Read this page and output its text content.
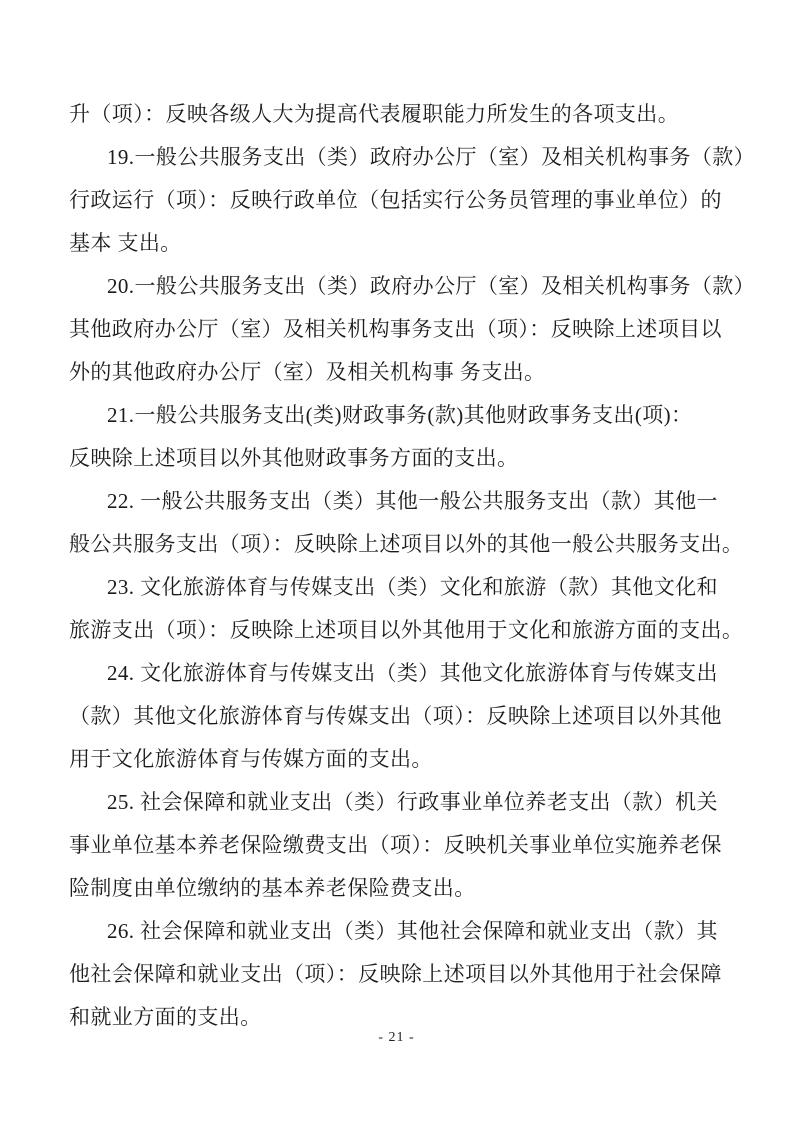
升（项）：反映各级人大为提高代表履职能力所发生的各项支出。

19.一般公共服务支出（类）政府办公厅（室）及相关机构事务（款）
行政运行（项）：反映行政单位（包括实行公务员管理的事业单位）的
基本 支出。

20.一般公共服务支出（类）政府办公厅（室）及相关机构事务（款）
其他政府办公厅（室）及相关机构事务支出（项）：反映除上述项目以
外的其他政府办公厅（室）及相关机构事 务支出。

21.一般公共服务支出(类)财政事务(款)其他财政事务支出(项)：
反映除上述项目以外其他财政事务方面的支出。

22. 一般公共服务支出（类）其他一般公共服务支出（款）其他一
般公共服务支出（项）：反映除上述项目以外的其他一般公共服务支出。

23. 文化旅游体育与传媒支出（类）文化和旅游（款）其他文化和
旅游支出（项）：反映除上述项目以外其他用于文化和旅游方面的支出。

24. 文化旅游体育与传媒支出（类）其他文化旅游体育与传媒支出
（款）其他文化旅游体育与传媒支出（项）：反映除上述项目以外其他
用于文化旅游体育与传媒方面的支出。

25. 社会保障和就业支出（类）行政事业单位养老支出（款）机关
事业单位基本养老保险缴费支出（项）：反映机关事业单位实施养老保
险制度由单位缴纳的基本养老保险费支出。

26. 社会保障和就业支出（类）其他社会保障和就业支出（款）其
他社会保障和就业支出（项）：反映除上述项目以外其他用于社会保障
和就业方面的支出。

- 21 -
